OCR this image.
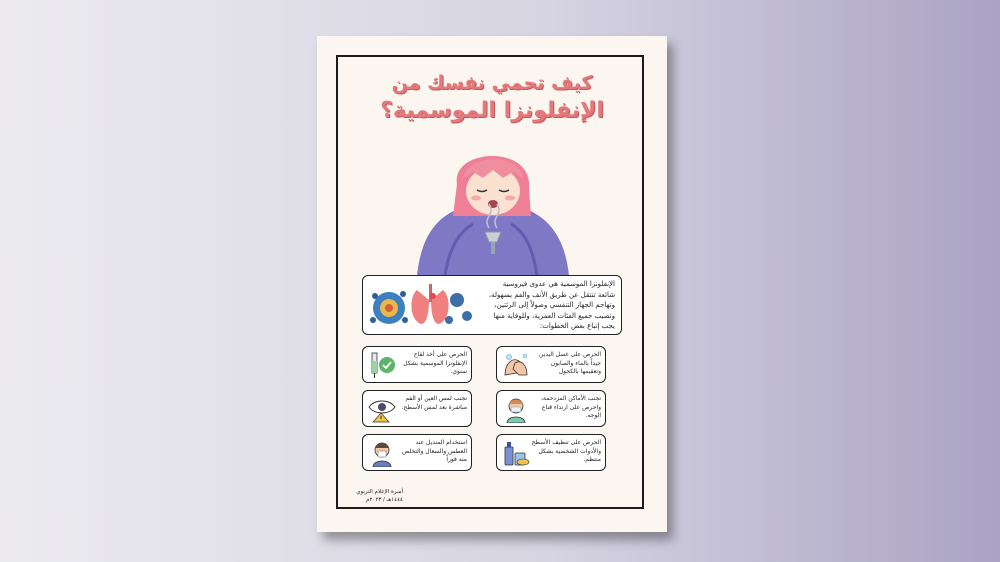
كيف تحمي نفسك من
الإنفلونزا الموسمية؟
الإنفلونزا الموسمية هي عدوى فيروسية شائعة تنتقل عن طريق الأنف والفم بسهولة، وتهاجم الجهاز التنفسي وصولاً إلى الرئتين، وتصيب جميع الفئات العمرية، وللوقاية منها يجب إتباع بعض الخطوات:
الحرص على غسل اليدين جيداً بالماء والصابون وتعقيمها بالكحول
الحرص على أخذ لقاح الإنفلونزا الموسمية بشكل سنوي.
تجنب الأماكن المزدحمة، واحرص على ارتداء قناع الوجه.
تجنب لمس العين أو الفم مباشرة بعد لمس الأسطح.
الحرص على تنظيف الأسطح والأدوات الشخصية بشكل منتظم.
استخدام المنديل عند العطس والسعال والتخلص منه فوراً
أسرة الإعلام التربوي
١٤٤٤هـ / ٢٠٢٣م
